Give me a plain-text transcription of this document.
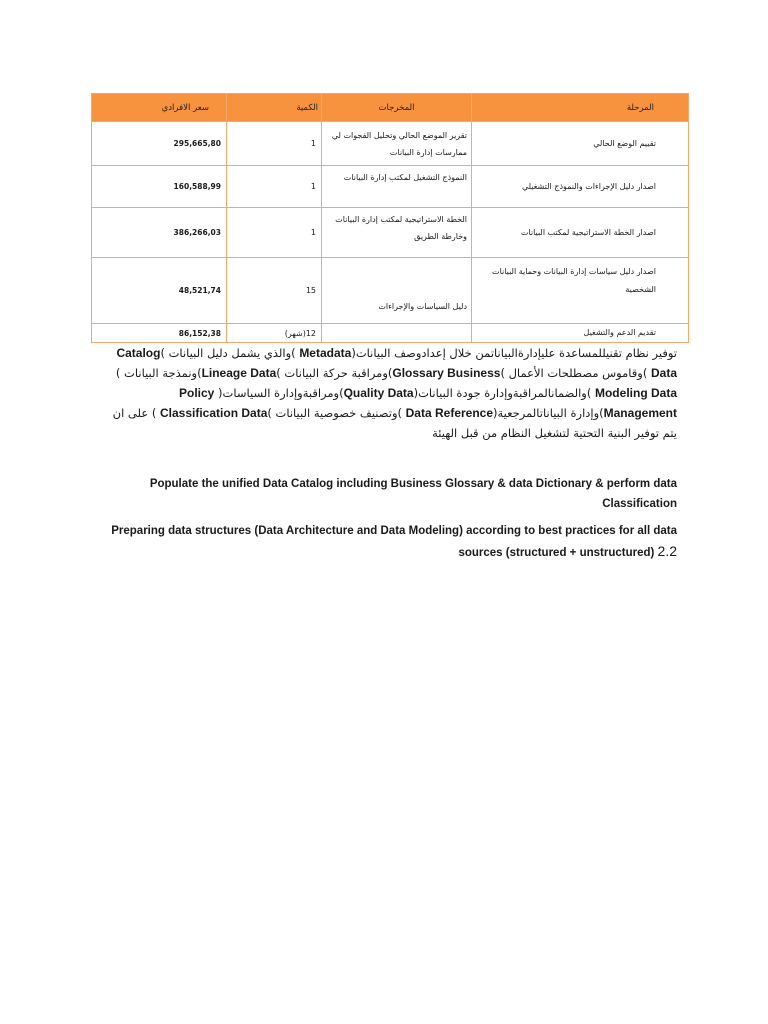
سعر الافرادي	الكمية	المخرجات	المرحلة
295,665,80	1	تقرير الموضع الحالي وتحليل الفجوات لي ممارسات إدارة البيانات	تقييم الوضع الحالي
160,588,99	1	النموذج التشغيل لمكتب إدارة البيانات	اصدار دليل الإجراءات والنموذج التشغيلي
386,266,03	1	الخطة الاستراتيجية لمكتب إدارة البيانات وخارطة الطريق	اصدار الخطة الاستراتيجية لمكتب البيانات
48,521,74	15	دليل السياسات والإجراءات	اصدار دليل سياسات إدارة البيانات وحماية البيانات الشخصية
86,152,38	12(شهر)		تقديم الدعم والتشغيل
توفير نظام تقنيللمساعدة عليإدارةالبياناتمن خلال إعدادوصف البيانات(Metadata )والذي يشمل دليل البيانات )Catalog Data )وقاموس مصطلحات الأعمال )Glossary Business)ومراقبة حركة البيانات )Lineage Data)ونمذجة البيانات ) Modeling Data )والضمانالمراقبةوإدارة جودة البيانات(Quality Data)ومراقبةوإدارة السياسات( Policy Management)وإدارة البياناتالمرجعية(Data Reference )وتصنيف خصوصية البيانات )Classification Data ) على ان يتم توفير البنية التحتية لتشغيل النظام من قبل الهيئة
Populate the unified Data Catalog including Business Glossary & data Dictionary & perform data Classification
Preparing data structures (Data Architecture and Data Modeling) according to best practices for all data sources (structured + unstructured) 2.2
